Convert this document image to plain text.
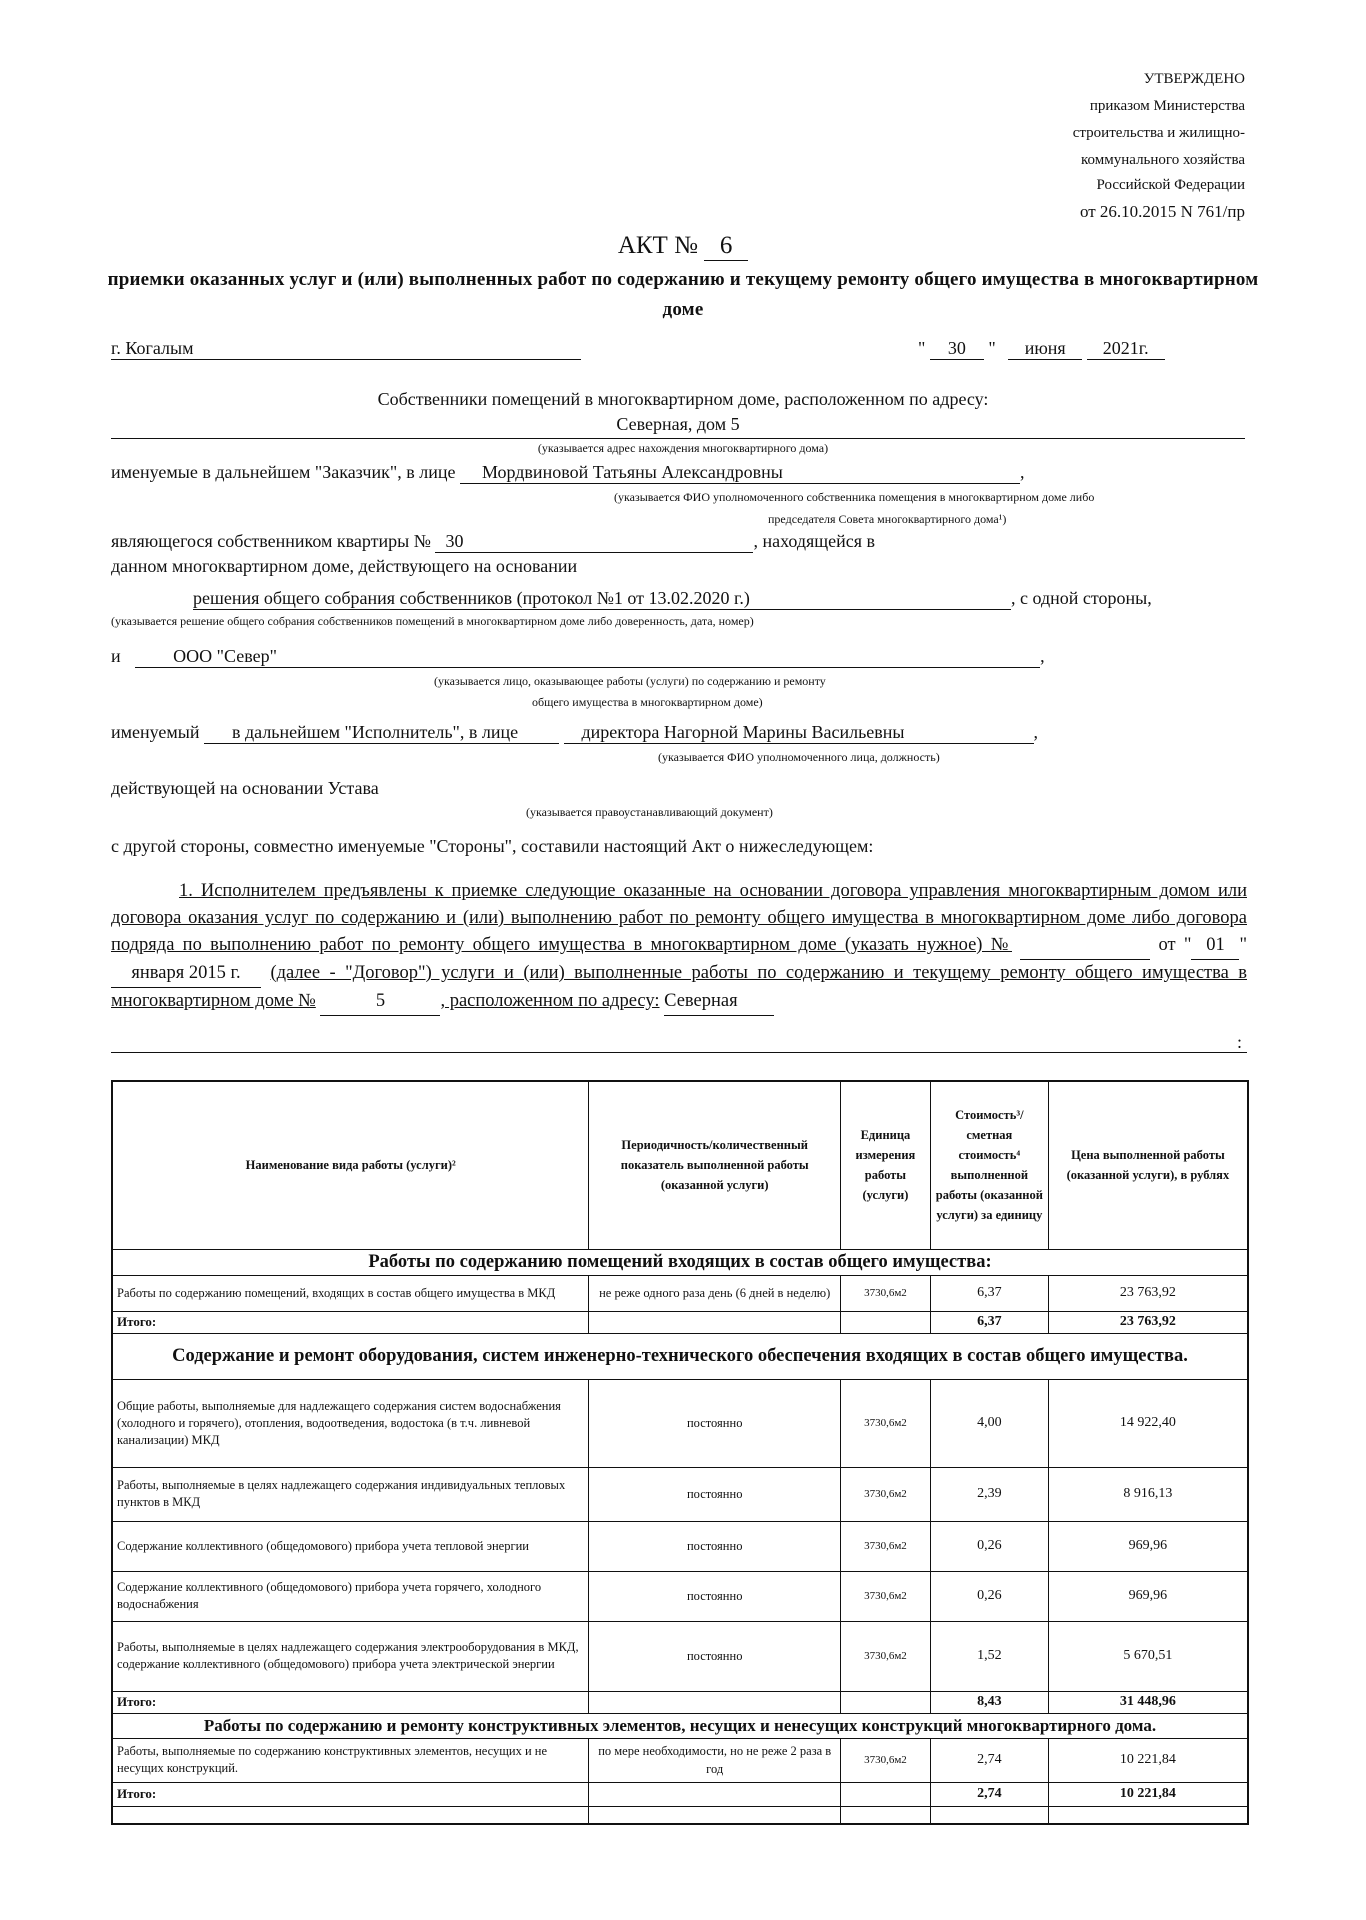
УТВЕРЖДЕНО
приказом Министерства
строительства и жилищно-
коммунального хозяйства
Российской Федерации
от 26.10.2015 N 761/пр
АКТ № 6
приемки оказанных услуг и (или) выполненных работ по содержанию и текущему ремонту общего имущества в многоквартирном доме
г. Когалым	" 30 " июня 2021г.
Собственники помещений в многоквартирном доме, расположенном по адресу:
Северная, дом 5
(указывается адрес нахождения многоквартирного дома)
именуемые в дальнейшем "Заказчик", в лице Мордвиновой Татьяны Александровны	,
(указывается ФИО уполномоченного собственника помещения в многоквартирном доме либо
председателя Совета многоквартирного дома¹)
являющегося собственником квартиры № 30	, находящейся в
данном многоквартирном доме, действующего на основании
решения общего собрания собственников (протокол №1 от 13.02.2020 г.)	, с одной стороны,
(указывается решение общего собрания собственников помещений в многоквартирном доме либо доверенность, дата, номер)
и	ООО "Север"	,
(указывается лицо, оказывающее работы (услуги) по содержанию и ремонту
общего имущества в многоквартирном доме)
именуемый в дальнейшем "Исполнитель", в лице	директора Нагорной Марины Васильевны	,
(указывается ФИО уполномоченного лица, должность)
действующей на основании Устава
(указывается правоустанавливающий документ)
с другой стороны, совместно именуемые "Стороны", составили настоящий Акт о нижеследующем:
1. Исполнителем предъявлены к приемке следующие оказанные на основании договора управления многоквартирным домом или договора оказания услуг по содержанию и (или) выполнению работ по ремонту общего имущества в многоквартирном доме либо договора подряда по выполнению работ по ремонту общего имущества в многоквартирном доме (указать нужное) №	от " 01 " января 2015 г. (далее - "Договор") услуги и (или) выполненные работы по содержанию и текущему ремонту общего имущества в многоквартирном доме №	5	, расположенном по адресу: Северная
:
Наименование вида работы (услуги)²	Периодичность/количественный показатель выполненной работы (оказанной услуги)	Единица измерения работы (услуги)	Стоимость³/сметная стоимость⁴ выполненной работы (оказанной услуги) за единицу	Цена выполненной работы (оказанной услуги), в рублях
Работы по содержанию помещений входящих в состав общего имущества:				
Работы по содержанию помещений, входящих в состав общего имущества в МКД	не реже одного раза день (6 дней в неделю)	3730,6м2	6,37	23 763,92
Итого:			6,37	23 763,92
Содержание и ремонт оборудования, систем инженерно-технического обеспечения входящих в состав общего имущества.				
Общие работы, выполняемые для надлежащего содержания систем водоснабжения (холодного и горячего), отопления, водоотведения, водостока (в т.ч. ливневой канализации) МКД	постоянно	3730,6м2	4,00	14 922,40
Работы, выполняемые в целях надлежащего содержания индивидуальных тепловых пунктов в МКД	постоянно	3730,6м2	2,39	8 916,13
Содержание коллективного (общедомового) прибора учета тепловой энергии	постоянно	3730,6м2	0,26	969,96
Содержание коллективного (общедомового) прибора учета горячего, холодного водоснабжения	постоянно	3730,6м2	0,26	969,96
Работы, выполняемые в целях надлежащего содержания электрооборудования в МКД, содержание коллективного (общедомового) прибора учета электрической энергии	постоянно	3730,6м2	1,52	5 670,51
Итого:			8,43	31 448,96
Работы по содержанию и ремонту конструктивных элементов, несущих и ненесущих конструкций многоквартирного дома.				
Работы, выполняемые по содержанию конструктивных элементов, несущих и не несущих конструкций.	по мере необходимости, но не реже 2 раза в год	3730,6м2	2,74	10 221,84
Итого:			2,74	10 221,84
